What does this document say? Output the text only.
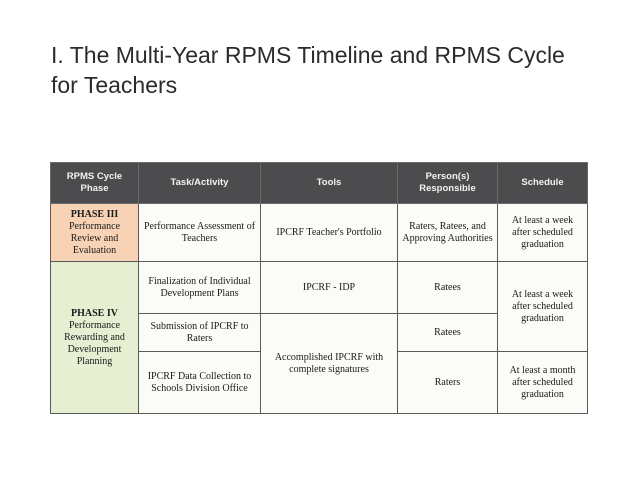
I. The Multi-Year RPMS Timeline and RPMS Cycle for Teachers
RPMS Cycle Phase	Task/Activity	Tools	Person(s) Responsible	Schedule

PHASE III
Performance Review and Evaluation	Performance Assessment of Teachers	IPCRF Teacher's Portfolio	Raters, Ratees, and Approving Authorities	At least a week after scheduled graduation

PHASE IV
Performance Rewarding and Development Planning	Finalization of Individual Development Plans	IPCRF - IDP	Ratees	At least a week after scheduled graduation
	Submission of IPCRF to Raters	Accomplished IPCRF with complete signatures	Ratees	
	IPCRF Data Collection to Schools Division Office		Raters	At least a month after scheduled graduation
